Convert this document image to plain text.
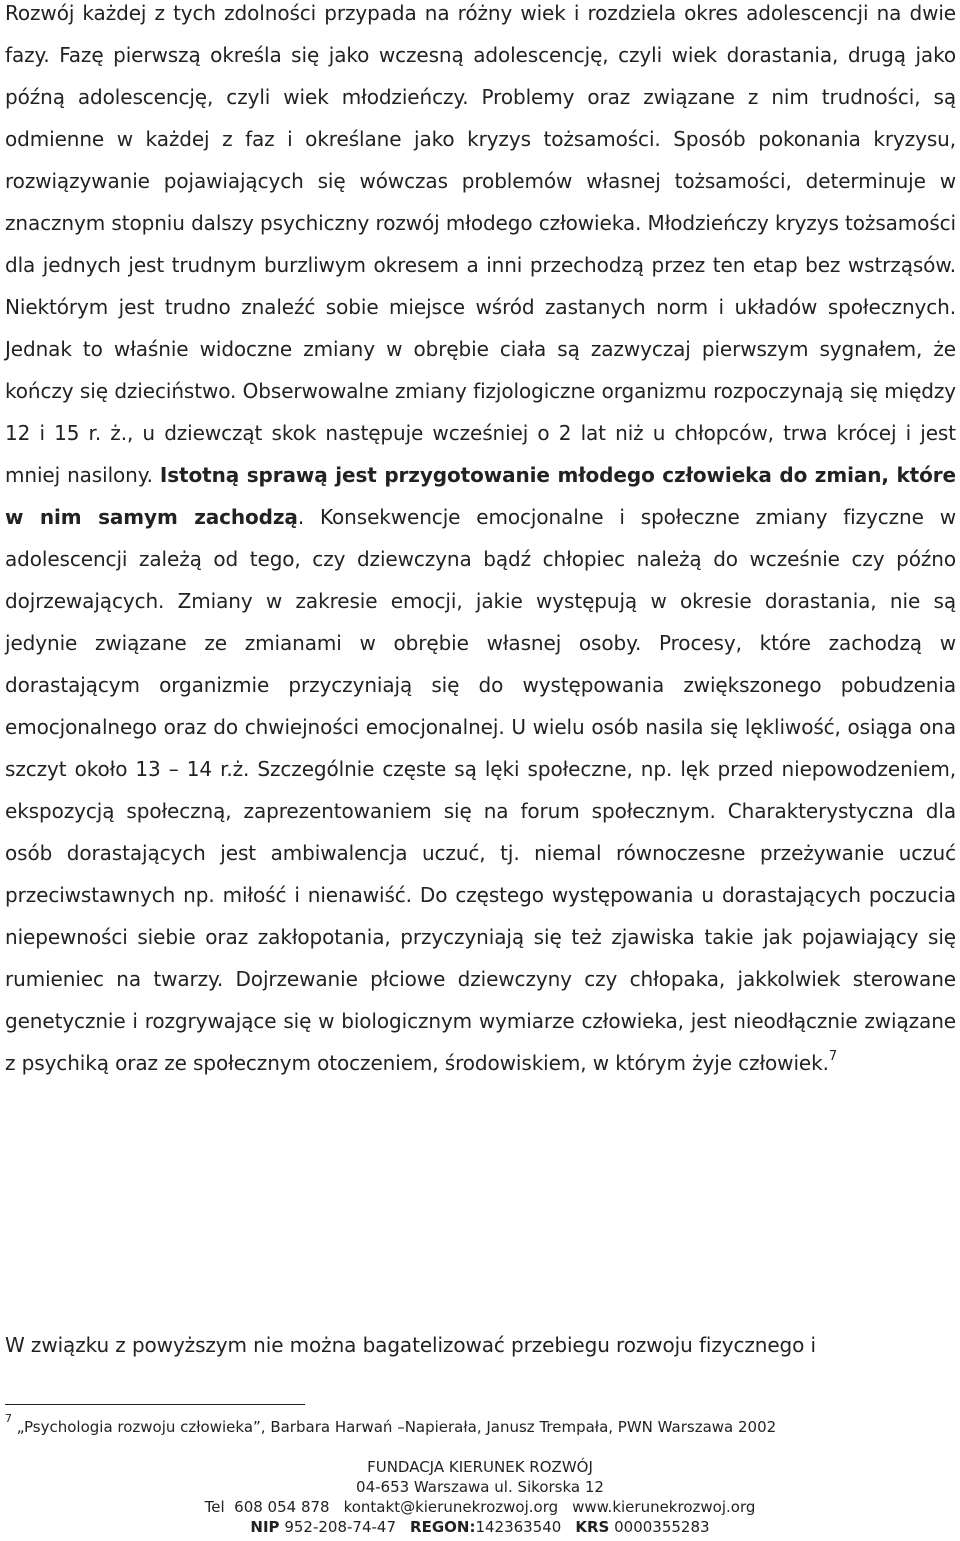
Rozwój każdej z tych zdolności przypada na różny wiek i rozdziela okres adolescencji na dwie fazy. Fazę pierwszą określa się jako wczesną adolescencję, czyli wiek dorastania, drugą jako późną adolescencję, czyli wiek młodzieńczy. Problemy oraz związane z nim trudności, są odmienne w każdej z faz i określane jako kryzys tożsamości. Sposób pokonania kryzysu, rozwiązywanie pojawiających się wówczas problemów własnej tożsamości, determinuje w znacznym stopniu dalszy psychiczny rozwój młodego człowieka. Młodzieńczy kryzys tożsamości dla jednych jest trudnym burzliwym okresem a inni przechodzą przez ten etap bez wstrząsów. Niektórym jest trudno znaleźć sobie miejsce wśród zastanych norm i układów społecznych. Jednak to właśnie widoczne zmiany w obrębie ciała są zazwyczaj pierwszym sygnałem, że kończy się dzieciństwo. Obserwowalne zmiany fizjologiczne organizmu rozpoczynają się między 12 i 15 r. ż., u dziewcząt skok następuje wcześniej o 2 lat niż u chłopców, trwa krócej i jest mniej nasilony. Istotną sprawą jest przygotowanie młodego człowieka do zmian, które w nim samym zachodzą. Konsekwencje emocjonalne i społeczne zmiany fizyczne w adolescencji zależą od tego, czy dziewczyna bądź chłopiec należą do wcześnie czy późno dojrzewających. Zmiany w zakresie emocji, jakie występują w okresie dorastania, nie są jedynie związane ze zmianami w obrębie własnej osoby. Procesy, które zachodzą w dorastającym organizmie przyczyniają się do występowania zwiększonego pobudzenia emocjonalnego oraz do chwiejności emocjonalnej. U wielu osób nasila się lękliwość, osiąga ona szczyt około 13 – 14 r.ż. Szczególnie częste są lęki społeczne, np. lęk przed niepowodzeniem, ekspozycją społeczną, zaprezentowaniem się na forum społecznym. Charakterystyczna dla osób dorastających jest ambiwalencja uczuć, tj. niemal równoczesne przeżywanie uczuć przeciwstawnych np. miłość i nienawiść. Do częstego występowania u dorastających poczucia niepewności siebie oraz zakłopotania, przyczyniają się też zjawiska takie jak pojawiający się rumieniec na twarzy. Dojrzewanie płciowe dziewczyny czy chłopaka, jakkolwiek sterowane genetycznie i rozgrywające się w biologicznym wymiarze człowieka, jest nieodłącznie związane z psychiką oraz ze społecznym otoczeniem, środowiskiem, w którym żyje człowiek.$^7$

W związku z powyższym nie można bagatelizować przebiegu rozwoju fizycznego i

$^7$ „Psychologia rozwoju człowieka”, Barbara Harwań –Napierała, Janusz Trempała, PWN Warszawa 2002
FUNDACJA KIERUNEK ROZWÓJ
04-653 Warszawa ul. Sikorska 12
Tel  608 054 878 kontakt@kierunekrozwoj.org www.kierunekrozwoj.org
NIP 952-208-74-47 REGON:142363540 KRS 0000355283
